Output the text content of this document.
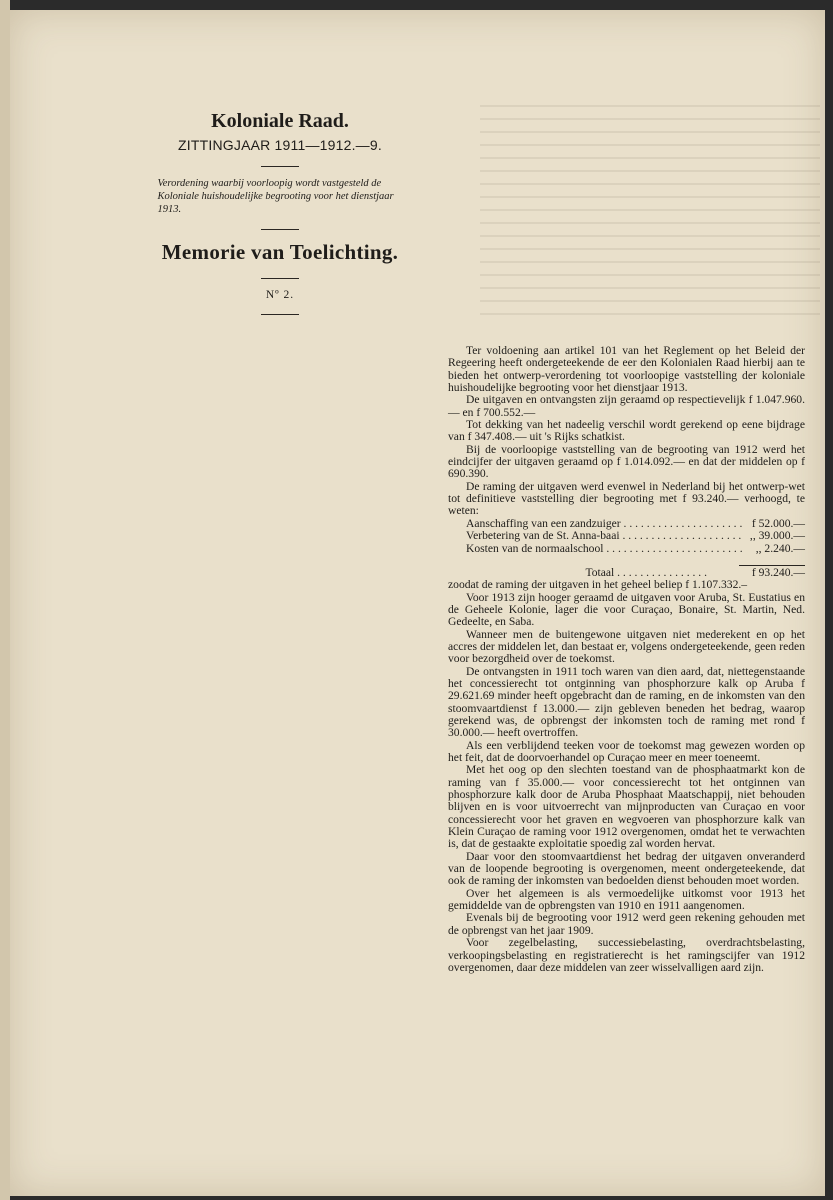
Koloniale Raad.
ZITTINGJAAR 1911—1912.—9.
Verordening waarbij voorloopig wordt vastgesteld de Koloniale huishoudelijke begrooting voor het dienstjaar 1913.
Memorie van Toelichting.
Nº 2.

Ter voldoening aan artikel 101 van het Reglement op het Beleid der Regeering heeft ondergeteekende de eer den Kolonialen Raad hierbij aan te bieden het ontwerp-verordening tot voorloopige vaststelling der koloniale huishoudelijke begrooting voor het dienstjaar 1913.

De uitgaven en ontvangsten zijn geraamd op respectievelijk f 1.047.960.— en f 700.552.—

Tot dekking van het nadeelig verschil wordt gerekend op eene bijdrage van f 347.408.— uit 's Rijks schatkist.

Bij de voorloopige vaststelling van de begrooting van 1912 werd het eindcijfer der uitgaven geraamd op f 1.014.092.— en dat der middelen op f 690.390.

De raming der uitgaven werd evenwel in Nederland bij het ontwerp-wet tot definitieve vaststelling dier begrooting met f 93.240.— verhoogd, te weten:

Aanschaffing van een zandzuiger . . .	f 52.000.—
Verbetering van de St. Anna-baai . . .	,, 39.000.—
Kosten van de normaalschool . . .	,, 2.240.—
Totaal . . . . . . . . . . . . . . . .	f 93.240.—

zoodat de raming der uitgaven in het geheel beliep f 1.107.332.–

Voor 1913 zijn hooger geraamd de uitgaven voor Aruba, St. Eustatius en de Geheele Kolonie, lager die voor Curaçao, Bonaire, St. Martin, Ned. Gedeelte, en Saba.

Wanneer men de buitengewone uitgaven niet mederekent en op het accres der middelen let, dan bestaat er, volgens ondergeteekende, geen reden voor bezorgdheid over de toekomst.

De ontvangsten in 1911 toch waren van dien aard, dat, niettegenstaande het concessierecht tot ontginning van phosphorzure kalk op Aruba f 29.621.69 minder heeft opgebracht dan de raming, en de inkomsten van den stoomvaartdienst f 13.000.— zijn gebleven beneden het bedrag, waarop gerekend was, de opbrengst der inkomsten toch de raming met rond f 30.000.— heeft overtroffen.

Als een verblijdend teeken voor de toekomst mag gewezen worden op het feit, dat de doorvoerhandel op Curaçao meer en meer toeneemt.

Met het oog op den slechten toestand van de phosphaatmarkt kon de raming van f 35.000.— voor concessierecht tot het ontginnen van phosphorzure kalk door de Aruba Phosphaat Maatschappij, niet behouden blijven en is voor uitvoerrecht van mijnproducten van Curaçao en voor concessierecht voor het graven en wegvoeren van phosphorzure kalk van Klein Curaçao de raming voor 1912 overgenomen, omdat het te verwachten is, dat de gestaakte exploitatie spoedig zal worden hervat.

Daar voor den stoomvaartdienst het bedrag der uitgaven onveranderd van de loopende begrooting is overgenomen, meent ondergeteekende, dat ook de raming der inkomsten van bedoelden dienst behouden moet worden.

Over het algemeen is als vermoedelijke uitkomst voor 1913 het gemiddelde van de opbrengsten van 1910 en 1911 aangenomen.

Evenals bij de begrooting voor 1912 werd geen rekening gehouden met de opbrengst van het jaar 1909.

Voor zegelbelasting, successiebelasting, overdrachtsbelasting, verkoopingsbelasting en registratierecht is het ramingscijfer van 1912 overgenomen, daar deze middelen van zeer wisselvalligen aard zijn.
